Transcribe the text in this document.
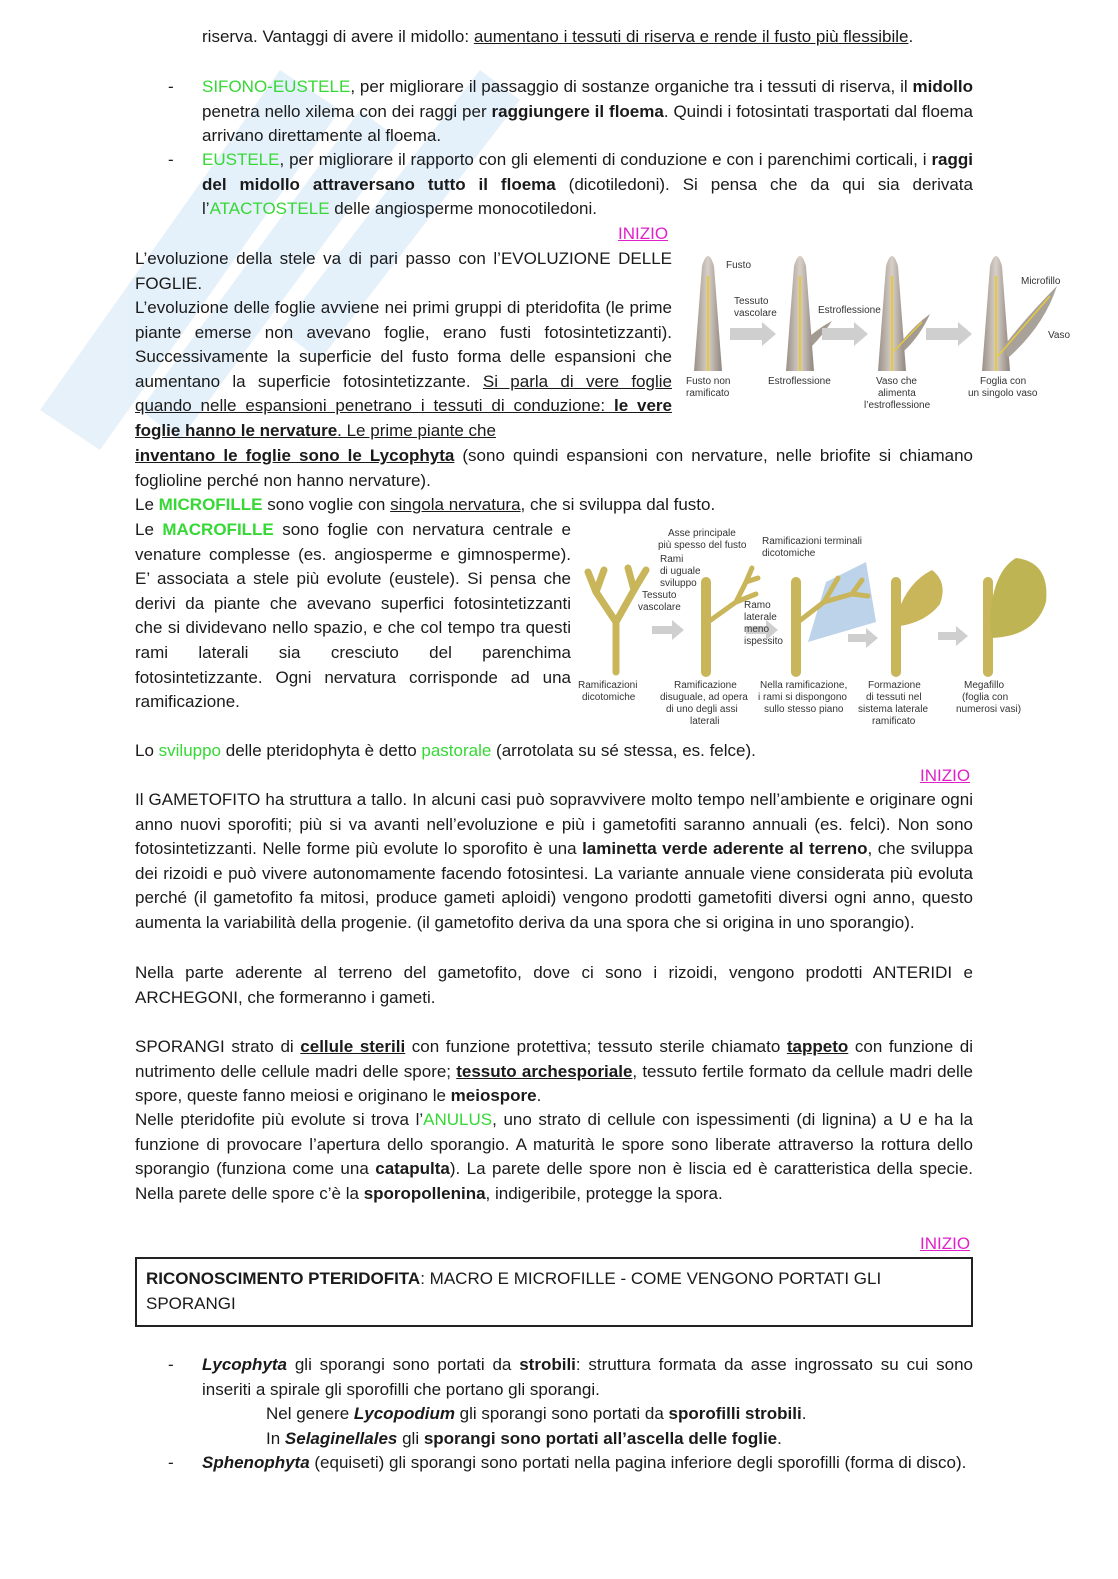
riserva. Vantaggi di avere il midollo: aumentano i tessuti di riserva e rende il fusto più flessibile.
- SIFONO-EUSTELE, per migliorare il passaggio di sostanze organiche tra i tessuti di riserva, il midollo penetra nello xilema con dei raggi per raggiungere il floema. Quindi i fotosintati trasportati dal floema arrivano direttamente al floema.
- EUSTELE, per migliorare il rapporto con gli elementi di conduzione e con i parenchimi corticali, i raggi del midollo attraversano tutto il floema (dicotiledoni). Si pensa che da qui sia derivata l’ATACTOSTELE delle angiosperme monocotiledoni.
INIZIO
L’evoluzione della stele va di pari passo con l’EVOLUZIONE DELLE FOGLIE.
L’evoluzione delle foglie avviene nei primi gruppi di pteridofita (le prime piante emerse non avevano foglie, erano fusti fotosintetizzanti). Successivamente la superficie del fusto forma delle espansioni che aumentano la superficie fotosintetizzante. Si parla di vere foglie quando nelle espansioni penetrano i tessuti di conduzione: le vere foglie hanno le nervature. Le prime piante che
inventano le foglie sono le Lycophyta (sono quindi espansioni con nervature, nelle briofite si chiamano foglioline perché non hanno nervature).
Le MICROFILLE sono voglie con singola nervatura, che si sviluppa dal fusto.
Le MACROFILLE sono foglie con nervatura centrale e venature complesse (es. angiosperme e gimnosperme). E’ associata a stele più evolute (eustele). Si pensa che derivi da piante che avevano superfici fotosintetizzanti che si dividevano nello spazio, e che col tempo tra questi rami laterali sia cresciuto del parenchima fotosintetizzante. Ogni nervatura corrisponde ad una ramificazione.
Lo sviluppo delle pteridophyta è detto pastorale (arrotolata su sé stessa, es. felce).
INIZIO
Il GAMETOFITO ha struttura a tallo. In alcuni casi può sopravvivere molto tempo nell’ambiente e originare ogni anno nuovi sporofiti; più si va avanti nell’evoluzione e più i gametofiti saranno annuali (es. felci). Non sono fotosintetizzanti. Nelle forme più evolute lo sporofito è una laminetta verde aderente al terreno, che sviluppa dei rizoidi e può vivere autonomamente facendo fotosintesi. La variante annuale viene considerata più evoluta perché (il gametofito fa mitosi, produce gameti aploidi) vengono prodotti gametofiti diversi ogni anno, questo aumenta la variabilità della progenie. (il gametofito deriva da una spora che si origina in uno sporangio).
Nella parte aderente al terreno del gametofito, dove ci sono i rizoidi, vengono prodotti ANTERIDI e ARCHEGONI, che formeranno i gameti.
SPORANGI strato di cellule sterili con funzione protettiva; tessuto sterile chiamato tappeto con funzione di nutrimento delle cellule madri delle spore; tessuto archesporiale, tessuto fertile formato da cellule madri delle spore, queste fanno meiosi e originano le meiospore.
Nelle pteridofite più evolute si trova l’ANULUS, uno strato di cellule con ispessimenti (di lignina) a U e ha la funzione di provocare l’apertura dello sporangio. A maturità le spore sono liberate attraverso la rottura dello sporangio (funziona come una catapulta). La parete delle spore non è liscia ed è caratteristica della specie. Nella parete delle spore c’è la sporopollenina, indigeribile, protegge la spora.
INIZIO
RICONOSCIMENTO PTERIDOFITA: MACRO E MICROFILLE - COME VENGONO PORTATI GLI SPORANGI
- Lycophyta gli sporangi sono portati da strobili: struttura formata da asse ingrossato su cui sono inseriti a spirale gli sporofilli che portano gli sporangi.
Nel genere Lycopodium gli sporangi sono portati da sporofilli strobili.
In Selaginellales gli sporangi sono portati all’ascella delle foglie.
- Sphenophyta (equiseti) gli sporangi sono portati nella pagina inferiore degli sporofilli (forma di disco).
Fusto
Tessuto
vascolare	Estroflessione
Microfillo
Vaso
Fusto non
ramificato
Estroflessione	Vaso che
alimenta
l’estroflessione
Foglia con
un singolo vaso
Asse principale
più spesso del fusto
Rami
di uguale
sviluppo
Tessuto
vascolare
Ramificazioni terminali
dicotomiche
Ramo
laterale
meno
ispessito
Ramificazioni
dicotomiche
Ramificazione
disuguale, ad opera
di uno degli assi
laterali
Nella ramificazione,
i rami si dispongono
sullo stesso piano
Formazione
di tessuti nel
sistema laterale
ramificato
Megafillo
(foglia con
numerosi vasi)
